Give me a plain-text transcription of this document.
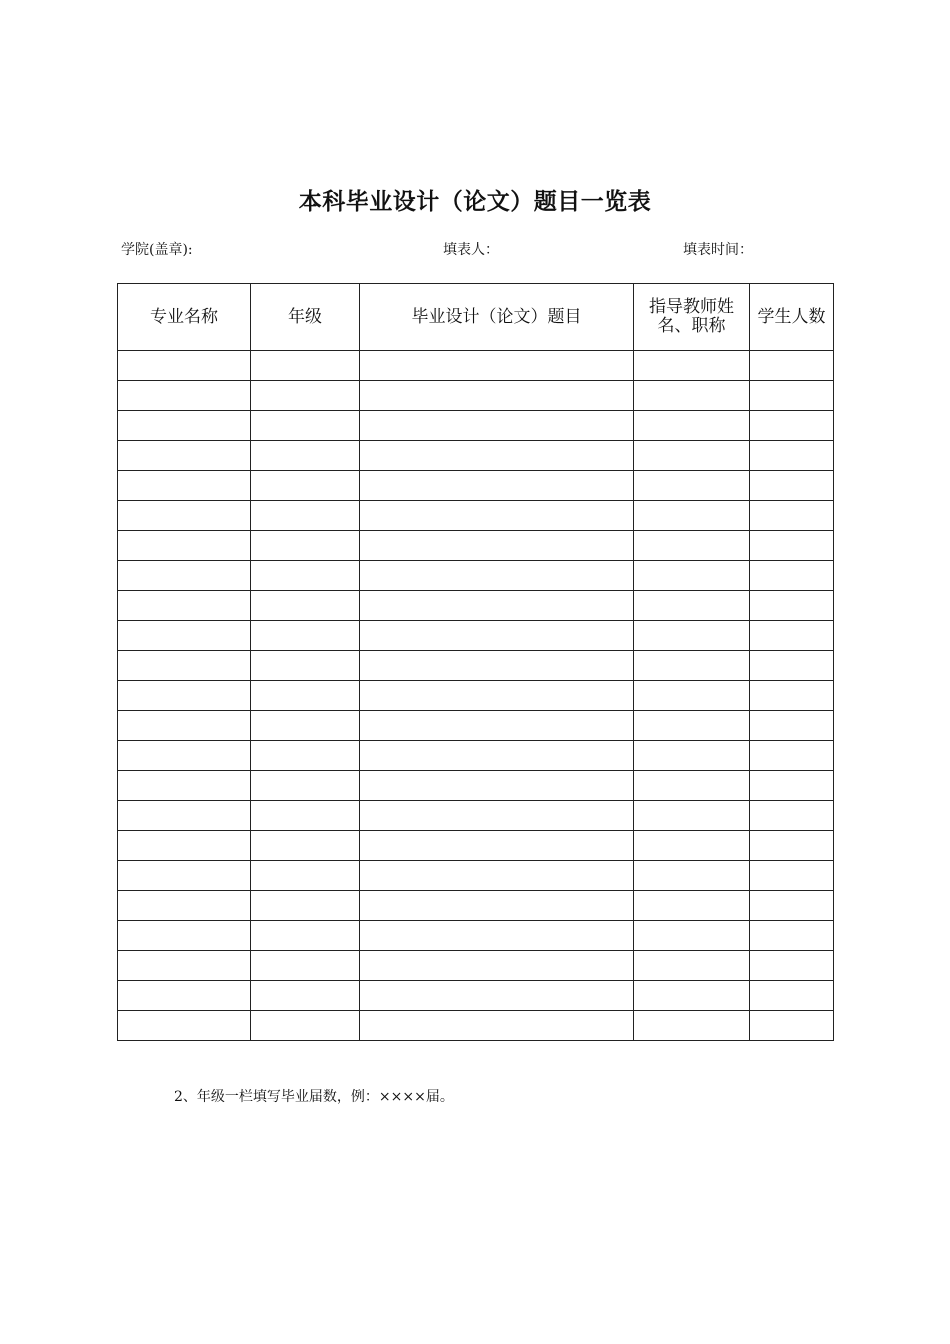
本科毕业设计（论文）题目一览表
学院(盖章):	填表人：	填表时间：
专业名称	年级	毕业设计（论文）题目	指导教师姓名、职称	学生人数

2、年级一栏填写毕业届数，例：××××届。
